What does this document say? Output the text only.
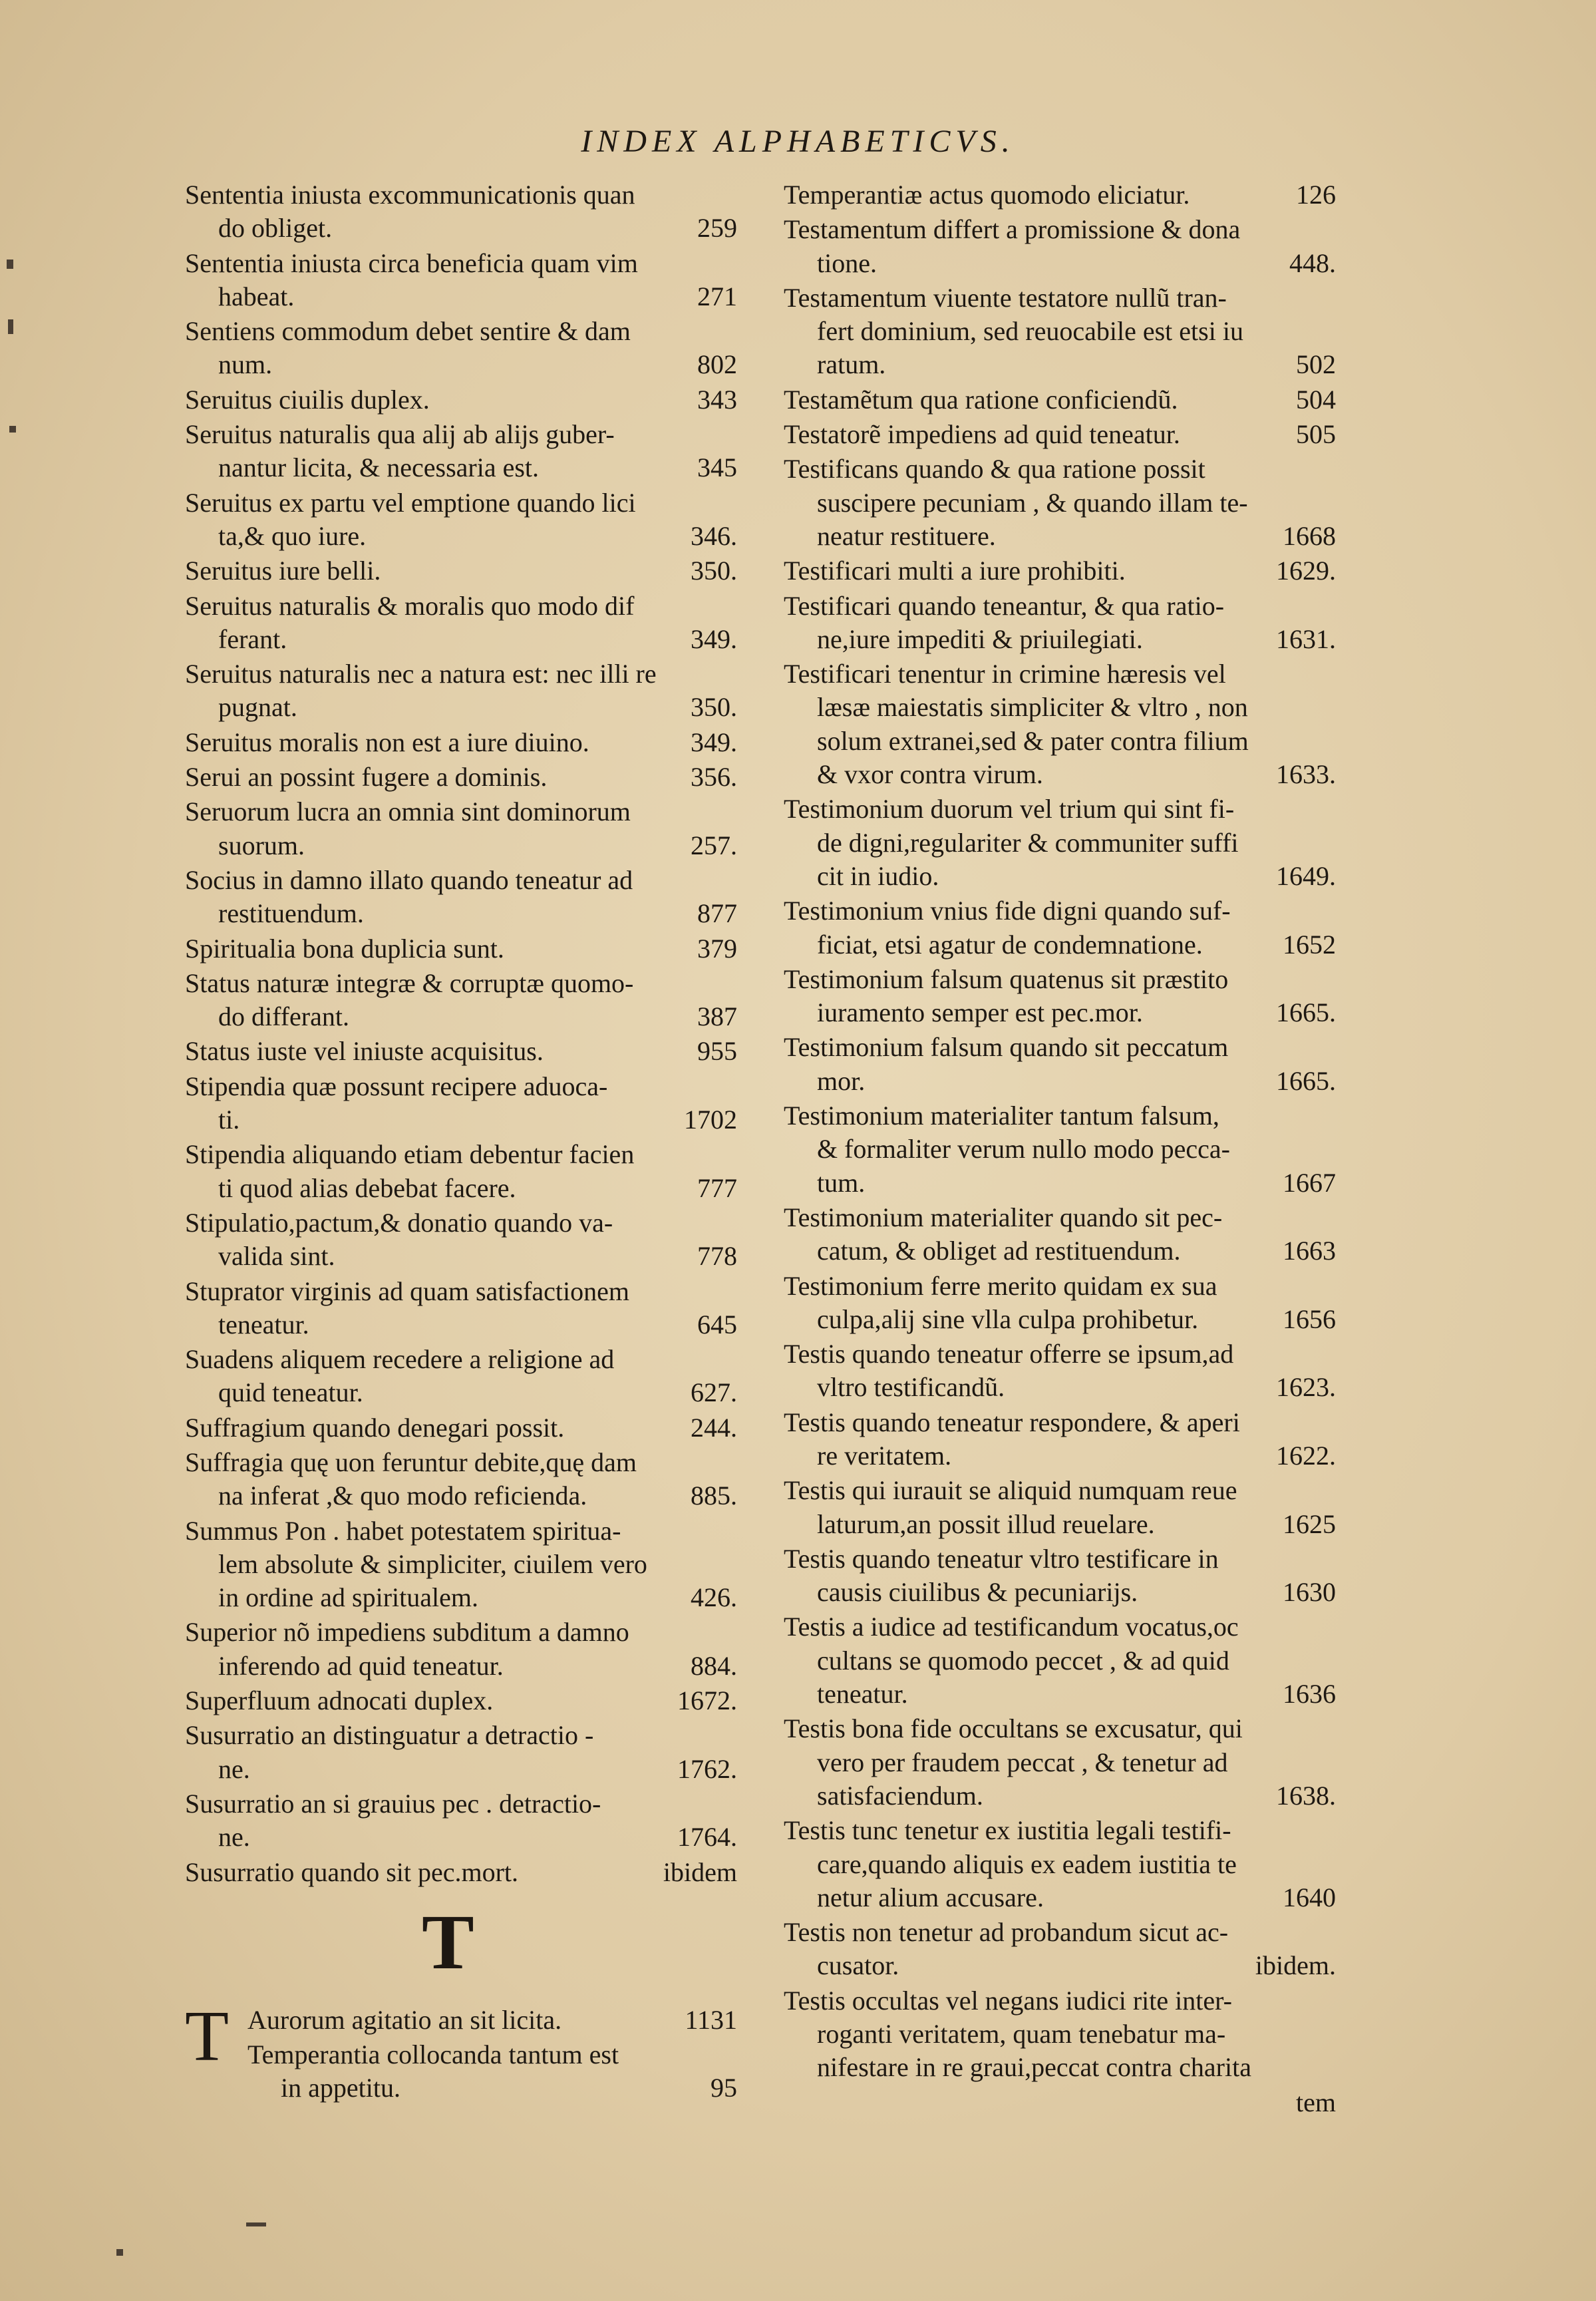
INDEX ALPHABETICVS.
Sententia iniusta excommunicationis quan
do obliget.	259
Sententia iniusta circa beneficia quam vim
habeat.	271
Sentiens commodum debet sentire & dam
num.	802
Seruitus ciuilis duplex.	343
Seruitus naturalis qua alij ab alijs guber-
nantur licita, & necessaria est.	345
Seruitus ex partu vel emptione quando lici
ta,& quo iure.	346.
Seruitus iure belli.	350.
Seruitus naturalis & moralis quo modo dif
ferant.	349.
Seruitus naturalis nec a natura est: nec illi re
pugnat.	350.
Seruitus moralis non est a iure diuino.	349.
Serui an possint fugere a dominis.	356.
Seruorum lucra an omnia sint dominorum
suorum.	257.
Socius in damno illato quando teneatur ad
restituendum.	877
Spiritualia bona duplicia sunt.	379
Status naturæ integræ & corruptæ quomo-
do differant.	387
Status iuste vel iniuste acquisitus.	955
Stipendia quæ possunt recipere aduoca-
ti.	1702
Stipendia aliquando etiam debentur facien
ti quod alias debebat facere.	777
Stipulatio,pactum,& donatio quando va-
valida sint.	778
Stuprator virginis ad quam satisfactionem
teneatur.	645
Suadens aliquem recedere a religione ad
quid teneatur.	627.
Suffragium quando denegari possit.	244.
Suffragia quę uon feruntur debite,quę dam
na inferat ,& quo modo reficienda.	885.
Summus Pon . habet potestatem spiritua-
lem absolute & simpliciter, ciuilem vero
in ordine ad spiritualem.	426.
Superior nõ impediens subditum a damno
inferendo ad quid teneatur.	884.
Superfluum adnocati duplex.	1672.
Susurratio an distinguatur a detractio -
ne.	1762.
Susurratio an si grauius pec . detractio-
ne.	1764.
Susurratio quando sit pec.mort.	ibidem
T
T Aurorum agitatio an sit licita.	1131
Temperantia collocanda tantum est
in appetitu.	95
Temperantiæ actus quomodo eliciatur.	126
Testamentum differt a promissione & dona
tione.	448.
Testamentum viuente testatore nullũ tran-
fert dominium, sed reuocabile est etsi iu
ratum.	502
Testamẽtum qua ratione conficiendũ.	504
Testatorẽ impediens ad quid teneatur.	505
Testificans quando & qua ratione possit
suscipere pecuniam , & quando illam te-
neatur restituere.	1668
Testificari multi a iure prohibiti.	1629.
Testificari quando teneantur, & qua ratio-
ne,iure impediti & priuilegiati.	1631.
Testificari tenentur in crimine hæresis vel
læsæ maiestatis simpliciter & vltro , non
solum extranei,sed & pater contra filium
& vxor contra virum.	1633.
Testimonium duorum vel trium qui sint fi-
de digni,regulariter & communiter suffi
cit in iudio.	1649.
Testimonium vnius fide digni quando suf-
ficiat, etsi agatur de condemnatione.	1652
Testimonium falsum quatenus sit præstito
iuramento semper est pec.mor.	1665.
Testimonium falsum quando sit peccatum
mor.	1665.
Testimonium materialiter tantum falsum,
& formaliter verum nullo modo pecca-
tum.	1667
Testimonium materialiter quando sit pec-
catum, & obliget ad restituendum.	1663
Testimonium ferre merito quidam ex sua
culpa,alij sine vlla culpa prohibetur.	1656
Testis quando teneatur offerre se ipsum,ad
vltro testificandũ.	1623.
Testis quando teneatur respondere, & aperi
re veritatem.	1622.
Testis qui iurauit se aliquid numquam reue
laturum,an possit illud reuelare.	1625
Testis quando teneatur vltro testificare in
causis ciuilibus & pecuniarijs.	1630
Testis a iudice ad testificandum vocatus,oc
cultans se quomodo peccet , & ad quid
teneatur.	1636
Testis bona fide occultans se excusatur, qui
vero per fraudem peccat , & tenetur ad
satisfaciendum.	1638.
Testis tunc tenetur ex iustitia legali testifi-
care,quando aliquis ex eadem iustitia te
netur alium accusare.	1640
Testis non tenetur ad probandum sicut ac-
cusator.	ibidem.
Testis occultas vel negans iudici rite inter-
roganti veritatem, quam tenebatur ma-
nifestare in re graui,peccat contra charita
tem
